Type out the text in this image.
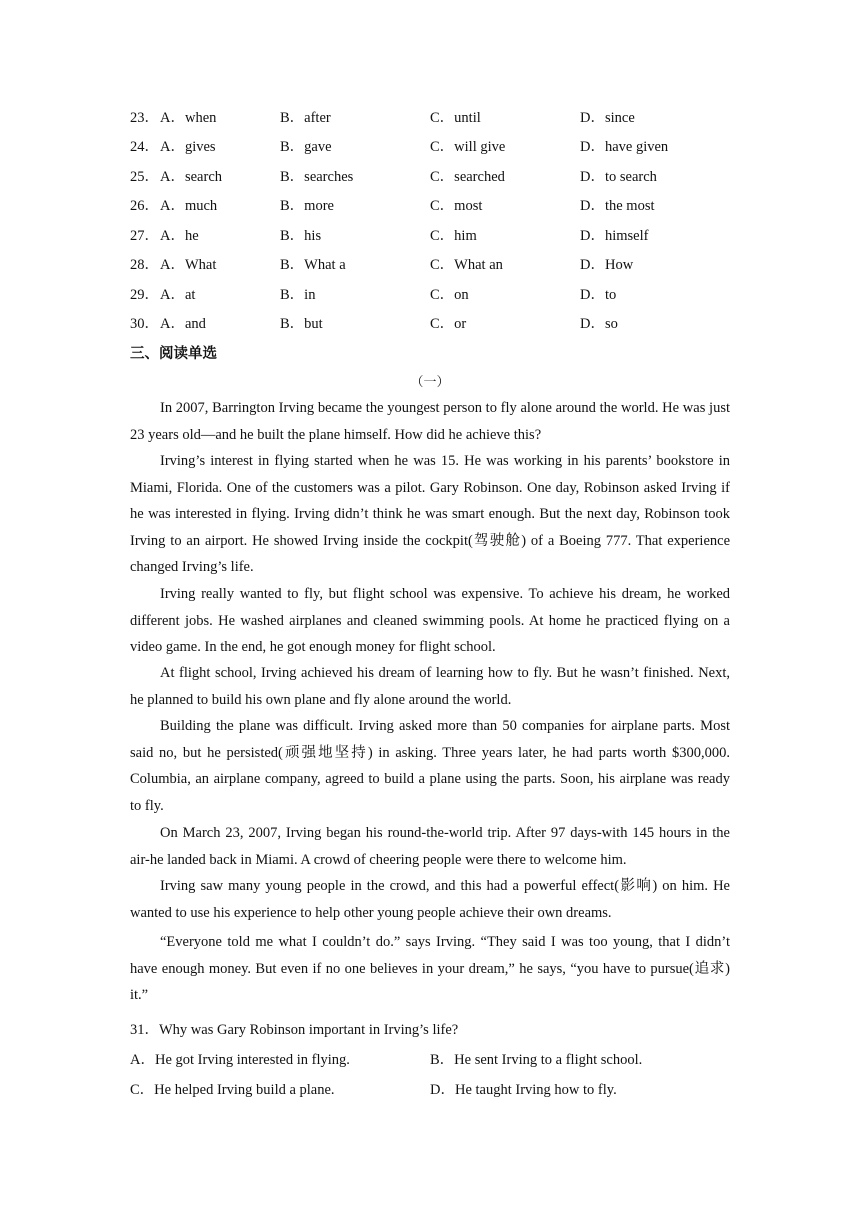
23． A．when	B．after	C．until	D．since
24． A．gives	B．gave	C．will give	D．have given
25． A．search	B．searches	C．searched	D．to search
26． A．much	B．more	C．most	D．the most
27． A．he	B．his	C．him	D．himself
28． A．What	B．What a	C．What an	D．How
29． A．at	B．in	C．on	D．to
30． A．and	B．but	C．or	D．so
三、阅读单选
（一）
In 2007, Barrington Irving became the youngest person to fly alone around the world. He was just 23 years old—and he built the plane himself. How did he achieve this?
Irving’s interest in flying started when he was 15. He was working in his parents’ bookstore in Miami, Florida. One of the customers was a pilot. Gary Robinson. One day, Robinson asked Irving if he was interested in flying. Irving didn’t think he was smart enough. But the next day, Robinson took Irving to an airport. He showed Irving inside the cockpit(驾驶舱) of a Boeing 777. That experience changed Irving’s life.
Irving really wanted to fly, but flight school was expensive. To achieve his dream, he worked different jobs. He washed airplanes and cleaned swimming pools. At home he practiced flying on a video game. In the end, he got enough money for flight school.
At flight school, Irving achieved his dream of learning how to fly. But he wasn’t finished. Next, he planned to build his own plane and fly alone around the world.
Building the plane was difficult. Irving asked more than 50 companies for airplane parts. Most said no, but he persisted(顽强地坚持) in asking. Three years later, he had parts worth $300,000. Columbia, an airplane company, agreed to build a plane using the parts. Soon, his airplane was ready to fly.
On March 23, 2007, Irving began his round-the-world trip. After 97 days-with 145 hours in the air-he landed back in Miami. A crowd of cheering people were there to welcome him.
Irving saw many young people in the crowd, and this had a powerful effect(影响) on him. He wanted to use his experience to help other young people achieve their own dreams.
“Everyone told me what I couldn’t do.” says Irving. “They said I was too young, that I didn’t have enough money. But even if no one believes in your dream,” he says, “you have to pursue(追求) it.”
31．Why was Gary Robinson important in Irving’s life?
A．He got Irving interested in flying.	B．He sent Irving to a flight school.
C．He helped Irving build a plane.	D．He taught Irving how to fly.
